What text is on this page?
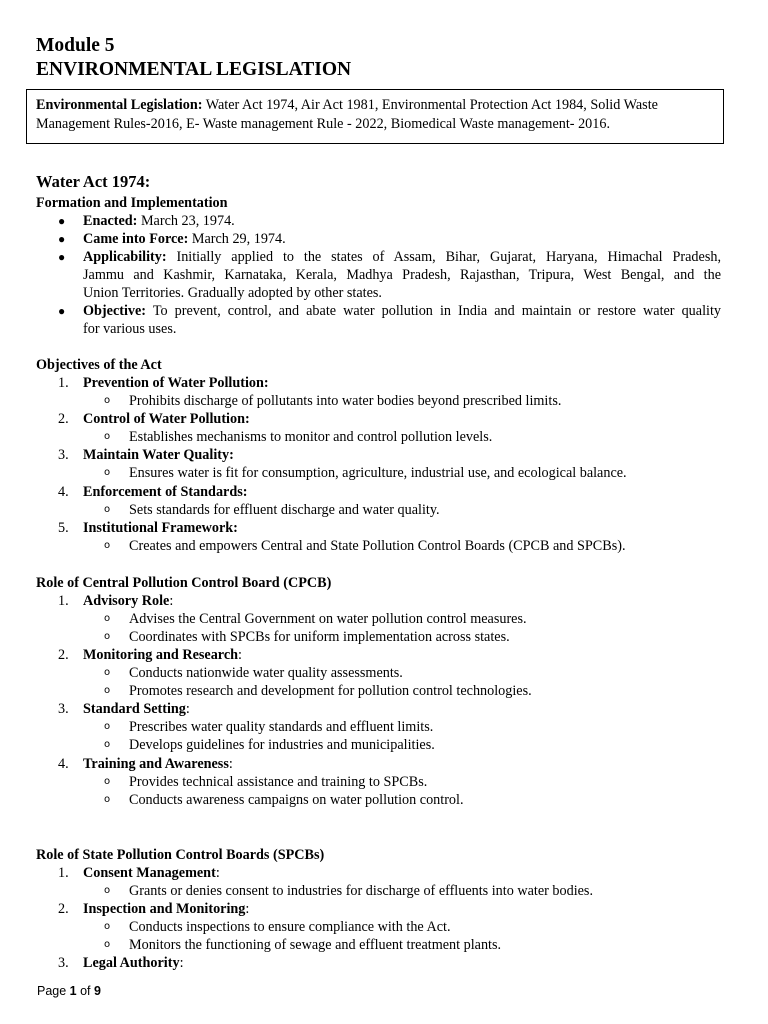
Module 5
ENVIRONMENTAL LEGISLATION
Environmental Legislation: Water Act 1974, Air Act 1981, Environmental Protection Act 1984, Solid Waste
Management Rules-2016, E- Waste management Rule - 2022, Biomedical Waste management- 2016.
Water Act 1974:
Formation and Implementation
● Enacted: March 23, 1974.
● Came into Force: March 29, 1974.
● Applicability: Initially applied to the states of Assam, Bihar, Gujarat, Haryana, Himachal Pradesh,
Jammu and Kashmir, Karnataka, Kerala, Madhya Pradesh, Rajasthan, Tripura, West Bengal, and the
Union Territories. Gradually adopted by other states.
● Objective: To prevent, control, and abate water pollution in India and maintain or restore water quality
for various uses.
Objectives of the Act
1. Prevention of Water Pollution:
o Prohibits discharge of pollutants into water bodies beyond prescribed limits.
2. Control of Water Pollution:
o Establishes mechanisms to monitor and control pollution levels.
3. Maintain Water Quality:
o Ensures water is fit for consumption, agriculture, industrial use, and ecological balance.
4. Enforcement of Standards:
o Sets standards for effluent discharge and water quality.
5. Institutional Framework:
o Creates and empowers Central and State Pollution Control Boards (CPCB and SPCBs).
Role of Central Pollution Control Board (CPCB)
1. Advisory Role:
o Advises the Central Government on water pollution control measures.
o Coordinates with SPCBs for uniform implementation across states.
2. Monitoring and Research:
o Conducts nationwide water quality assessments.
o Promotes research and development for pollution control technologies.
3. Standard Setting:
o Prescribes water quality standards and effluent limits.
o Develops guidelines for industries and municipalities.
4. Training and Awareness:
o Provides technical assistance and training to SPCBs.
o Conducts awareness campaigns on water pollution control.
Role of State Pollution Control Boards (SPCBs)
1. Consent Management:
o Grants or denies consent to industries for discharge of effluents into water bodies.
2. Inspection and Monitoring:
o Conducts inspections to ensure compliance with the Act.
o Monitors the functioning of sewage and effluent treatment plants.
3. Legal Authority:
Page 1 of 9
